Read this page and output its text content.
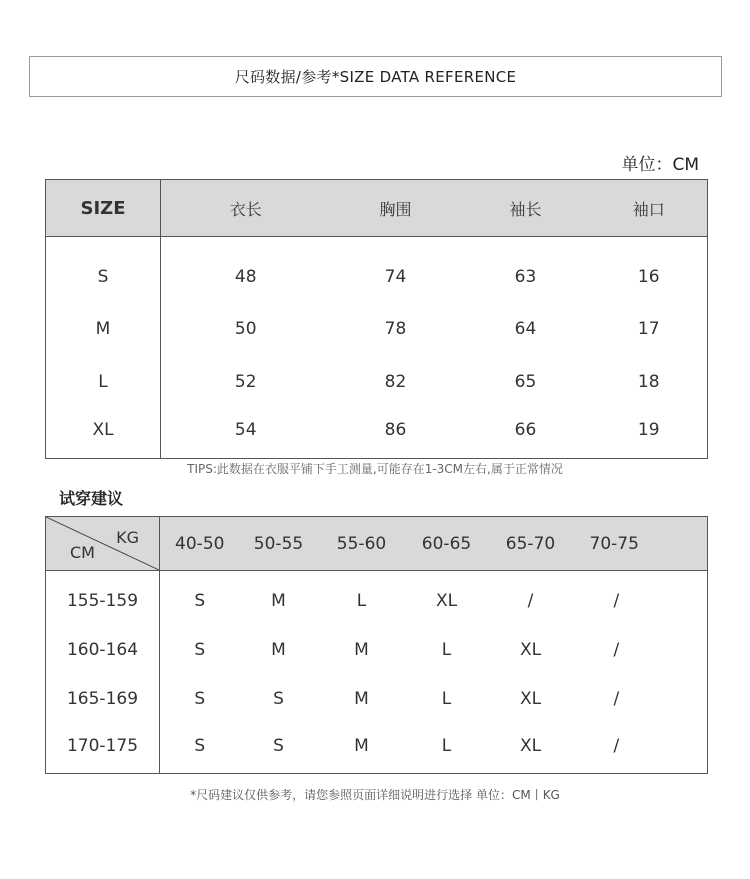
尺码数据/参考*SIZE DATA REFERENCE
单位：CM
SIZE	衣长	胸围	袖长	袖口
S	48	74	63	16
M	50	78	64	17
L	52	82	65	18
XL	54	86	66	19
TIPS:此数据在衣服平铺下手工测量,可能存在1-3CM左右,属于正常情况
试穿建议
KG
CM	40-50	50-55	55-60	60-65	65-70	70-75
155-159	S	M	L	XL	/	/
160-164	S	M	M	L	XL	/
165-169	S	S	M	L	XL	/
170-175	S	S	M	L	XL	/
*尺码建议仅供参考，请您参照页面详细说明进行选择 单位：CM丨KG
